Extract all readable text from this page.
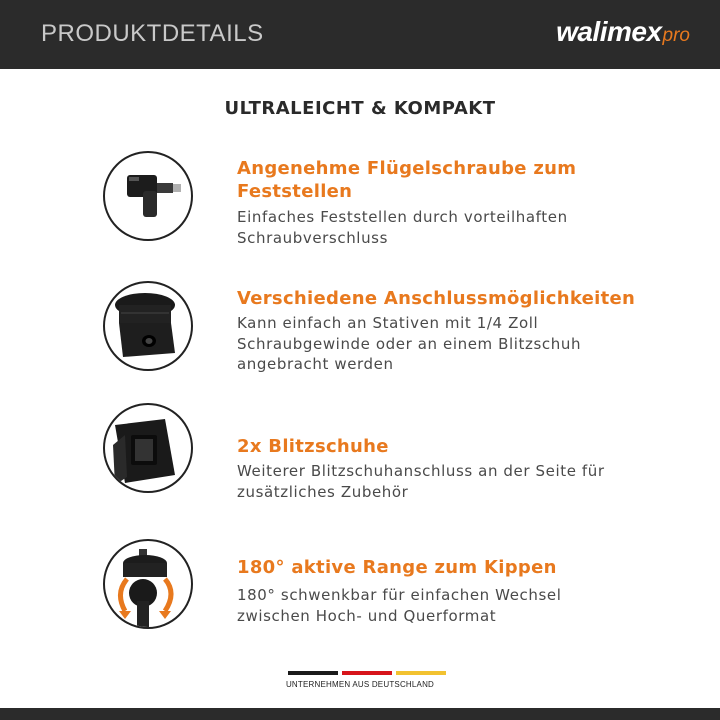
PRODUKTDETAILS	walimexpro
ULTRALEICHT & KOMPAKT
Angenehme Flügelschraube zum
Feststellen
Einfaches Feststellen durch vorteilhaften
Schraubverschluss
Verschiedene Anschlussmöglichkeiten
Kann einfach an Stativen mit 1/4 Zoll
Schraubgewinde oder an einem Blitzschuh
angebracht werden
2x Blitzschuhe
Weiterer Blitzschuhanschluss an der Seite für
zusätzliches Zubehör
180° aktive Range zum Kippen
180° schwenkbar für einfachen Wechsel
zwischen Hoch- und Querformat
UNTERNEHMEN AUS DEUTSCHLAND
